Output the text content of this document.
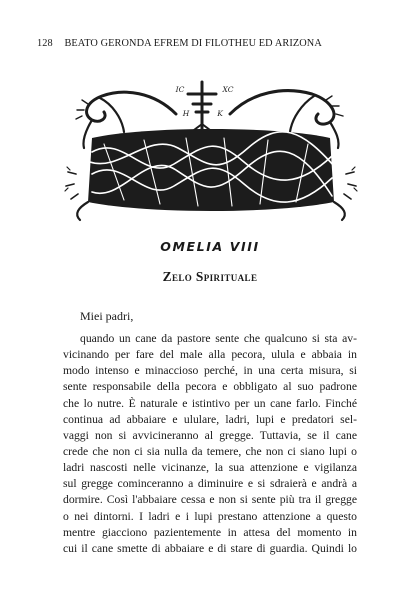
128 BEATO GERONDA EFREM DI FILOTHEU ED ARIZONA
IC	XC
H	K
OMELIA VIII
Zelo Spirituale
Miei padri,
quando un cane da pastore sente che qualcuno si sta av-
vicinando per fare del male alla pecora, ulula e abbaia in
modo intenso e minaccioso perché, in una certa misura, si
sente responsabile della pecora e obbligato al suo padrone
che lo nutre. È naturale e istintivo per un cane farlo. Finché
continua ad abbaiare e ululare, ladri, lupi e predatori sel-
vaggi non si avvicineranno al gregge. Tuttavia, se il cane
crede che non ci sia nulla da temere, che non ci siano lupi o
ladri nascosti nelle vicinanze, la sua attenzione e vigilanza
sul gregge cominceranno a diminuire e si sdraierà e andrà a
dormire. Così l'abbaiare cessa e non si sente più tra il gregge
o nei dintorni. I ladri e i lupi prestano attenzione a questo
mentre giacciono pazientemente in attesa del momento in
cui il cane smette di abbaiare e di stare di guardia. Quindi lo
